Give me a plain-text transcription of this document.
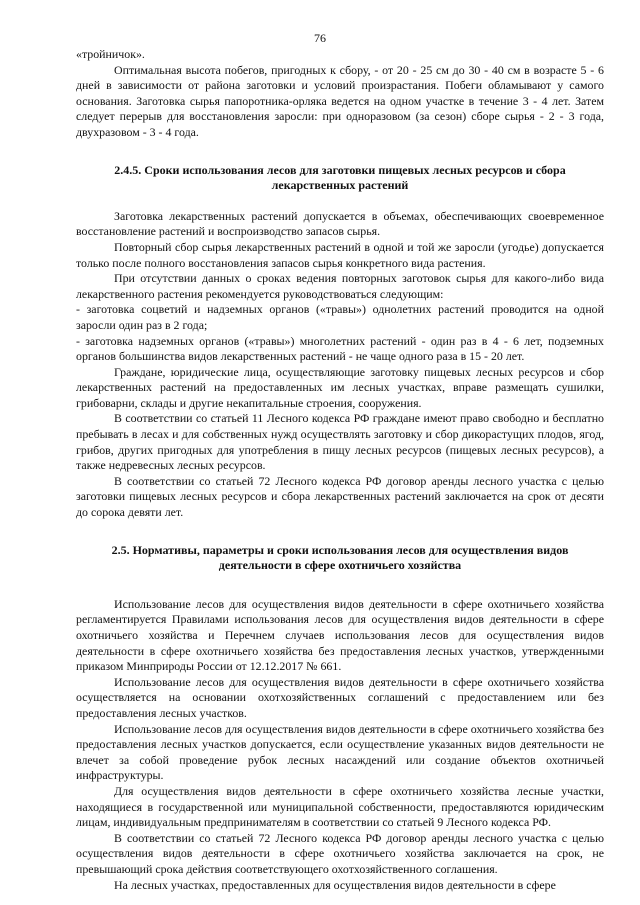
76

«тройничок».

Оптимальная высота побегов, пригодных к сбору, - от 20 - 25 см до 30 - 40 см в возрасте 5 - 6 дней в зависимости от района заготовки и условий произрастания. Побеги обламывают у самого основания. Заготовка сырья папоротника-орляка ведется на одном участке в течение 3 - 4 лет. Затем следует перерыв для восстановления заросли: при одноразовом (за сезон) сборе сырья - 2 - 3 года, двухразовом - 3 - 4 года.

2.4.5. Сроки использования лесов для заготовки пищевых лесных ресурсов и сбора лекарственных растений

Заготовка лекарственных растений допускается в объемах, обеспечивающих своевременное восстановление растений и воспроизводство запасов сырья.

Повторный сбор сырья лекарственных растений в одной и той же заросли (угодье) допускается только после полного восстановления запасов сырья конкретного вида растения.

При отсутствии данных о сроках ведения повторных заготовок сырья для какого-либо вида лекарственного растения рекомендуется руководствоваться следующим:

- заготовка соцветий и надземных органов («травы») однолетних растений проводится на одной заросли один раз в 2 года;

- заготовка надземных органов («травы») многолетних растений - один раз в 4 - 6 лет, подземных органов большинства видов лекарственных растений - не чаще одного раза в 15 - 20 лет.

Граждане, юридические лица, осуществляющие заготовку пищевых лесных ресурсов и сбор лекарственных растений на предоставленных им лесных участках, вправе размещать сушилки, грибоварни, склады и другие некапитальные строения, сооружения.

В соответствии со статьей 11 Лесного кодекса РФ граждане имеют право свободно и бесплатно пребывать в лесах и для собственных нужд осуществлять заготовку и сбор дикорастущих плодов, ягод, грибов, других пригодных для употребления в пищу лесных ресурсов (пищевых лесных ресурсов), а также недревесных лесных ресурсов.

В соответствии со статьей 72 Лесного кодекса РФ договор аренды лесного участка с целью заготовки пищевых лесных ресурсов и сбора лекарственных растений заключается на срок от десяти до сорока девяти лет.

2.5. Нормативы, параметры и сроки использования лесов для осуществления видов деятельности в сфере охотничьего хозяйства

Использование лесов для осуществления видов деятельности в сфере охотничьего хозяйства регламентируется Правилами использования лесов для осуществления видов деятельности в сфере охотничьего хозяйства и Перечнем случаев использования лесов для осуществления видов деятельности в сфере охотничьего хозяйства без предоставления лесных участков, утвержденными приказом Минприроды России от 12.12.2017 № 661.

Использование лесов для осуществления видов деятельности в сфере охотничьего хозяйства осуществляется на основании охотхозяйственных соглашений с предоставлением или без предоставления лесных участков.

Использование лесов для осуществления видов деятельности в сфере охотничьего хозяйства без предоставления лесных участков допускается, если осуществление указанных видов деятельности не влечет за собой проведение рубок лесных насаждений или создание объектов охотничьей инфраструктуры.

Для осуществления видов деятельности в сфере охотничьего хозяйства лесные участки, находящиеся в государственной или муниципальной собственности, предоставляются юридическим лицам, индивидуальным предпринимателям в соответствии со статьей 9 Лесного кодекса РФ.

В соответствии со статьей 72 Лесного кодекса РФ договор аренды лесного участка с целью осуществления видов деятельности в сфере охотничьего хозяйства заключается на срок, не превышающий срока действия соответствующего охотхозяйственного соглашения.

На лесных участках, предоставленных для осуществления видов деятельности в сфере
